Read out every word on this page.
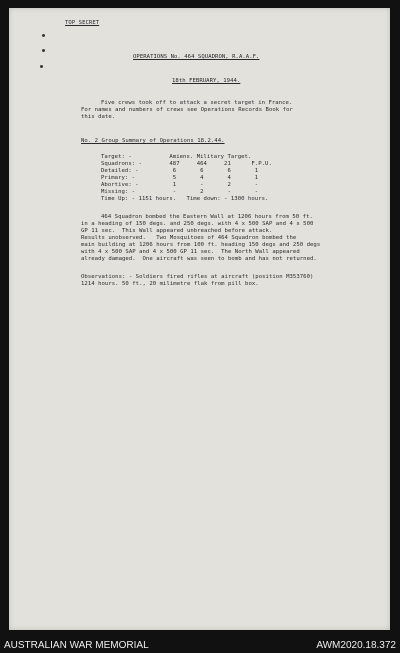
TOP SECRET
OPERATIONS No. 464 SQUADRON, R.A.A.F.
18th FEBRUARY, 1944.
Five crews took off to attack a secret target in France.
For names and numbers of crews see Operations Records Book for
this date.
No. 2 Group Summary of Operations 18.2.44.
Target: -           Amiens. Military Target.
Squadrons: -        487     464     21      F.P.U.
Detailed: -          6       6       6       1
Primary: -           5       4       4       1
Abortive: -          1       -       2       -
Missing: -           -       2       -       -
Time Up: - 1151 hours.   Time down: - 1300 hours.
464 Squadron bombed the Eastern Wall at 1206 hours from 50 ft.
in a heading of 150 degs. and 250 degs. with 4 x 500 SAP and 4 x 500
GP 11 sec.  This Wall appeared unbreached before attack.
Results unobserved.   Two Mosquitoes of 464 Squadron bombed the
main building at 1206 hours from 100 ft. heading 150 degs and 250 degs
with 4 x 500 SAP and 4 x 500 GP 11 sec.  The North Wall appeared
already damaged.  One aircraft was seen to bomb and has not returned.
Observations: - Soldiers fired rifles at aircraft (position M353760)
1214 hours. 50 ft., 20 milimetre flak from pill box.
AUSTRALIAN WAR MEMORIAL	AWM2020.18.372
